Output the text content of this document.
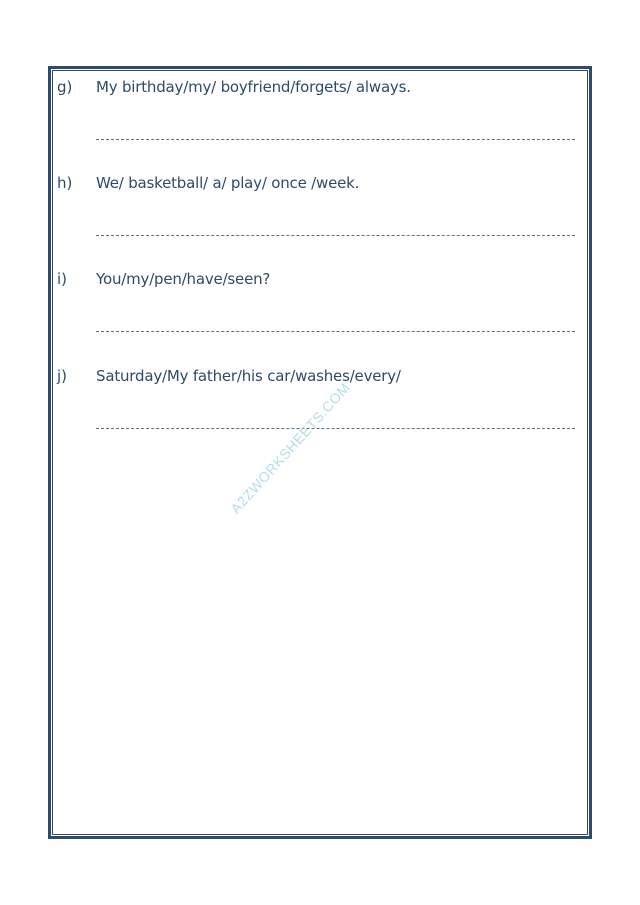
g) My birthday/my/ boyfriend/forgets/ always.
h) We/ basketball/ a/ play/ once /week.
i) You/my/pen/have/seen?
j) Saturday/My father/his car/washes/every/
A2ZWORKSHEETS.COM
